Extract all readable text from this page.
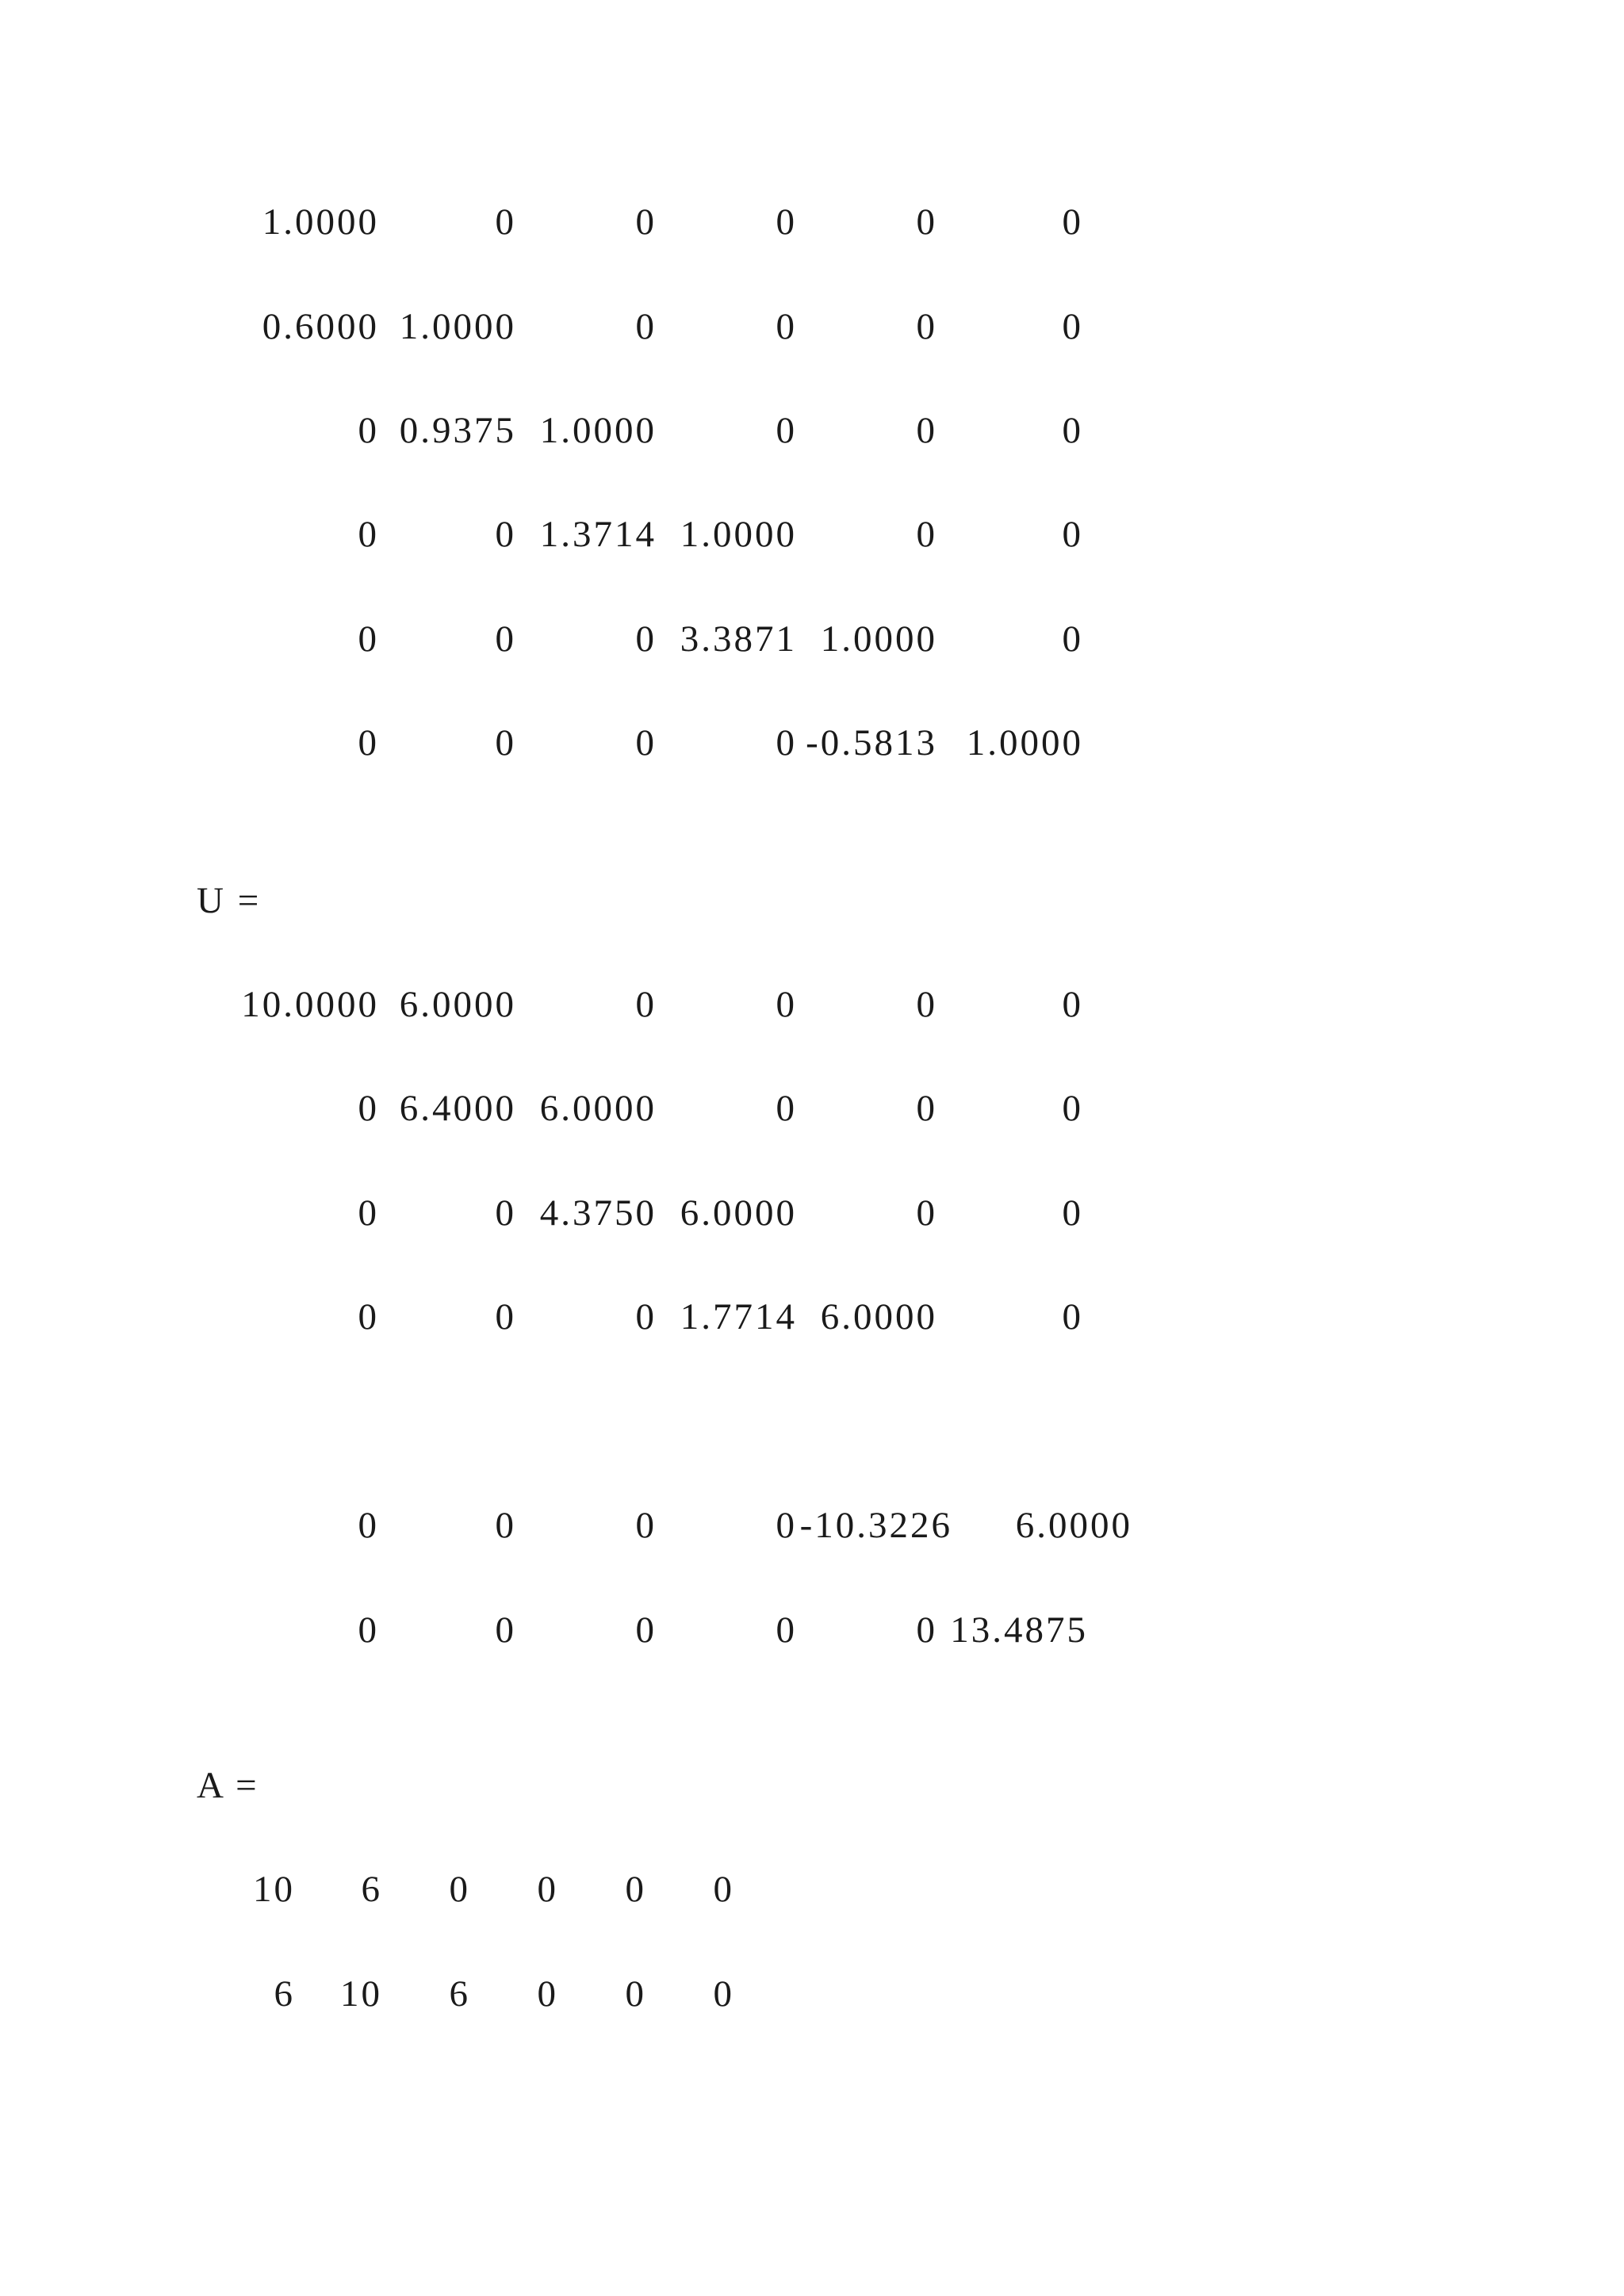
1.0000	0	0	0	0	0
0.6000 1.0000	0	0	0	0
0 0.9375 1.0000	0	0	0
0	0 1.3714 1.0000	0	0
0	0	0 3.3871 1.0000	0
0	0	0	0 -0.5813 1.0000
U =
10.0000 6.0000	0	0	0	0
0 6.4000 6.0000	0	0	0
0	0 4.3750 6.0000	0	0
0	0	0 1.7714 6.0000	0
0	0	0	0 -10.3226 6.0000
0	0	0	0	0 13.4875
A =
10 6 0 0 0 0
6 10 6 0 0 0
